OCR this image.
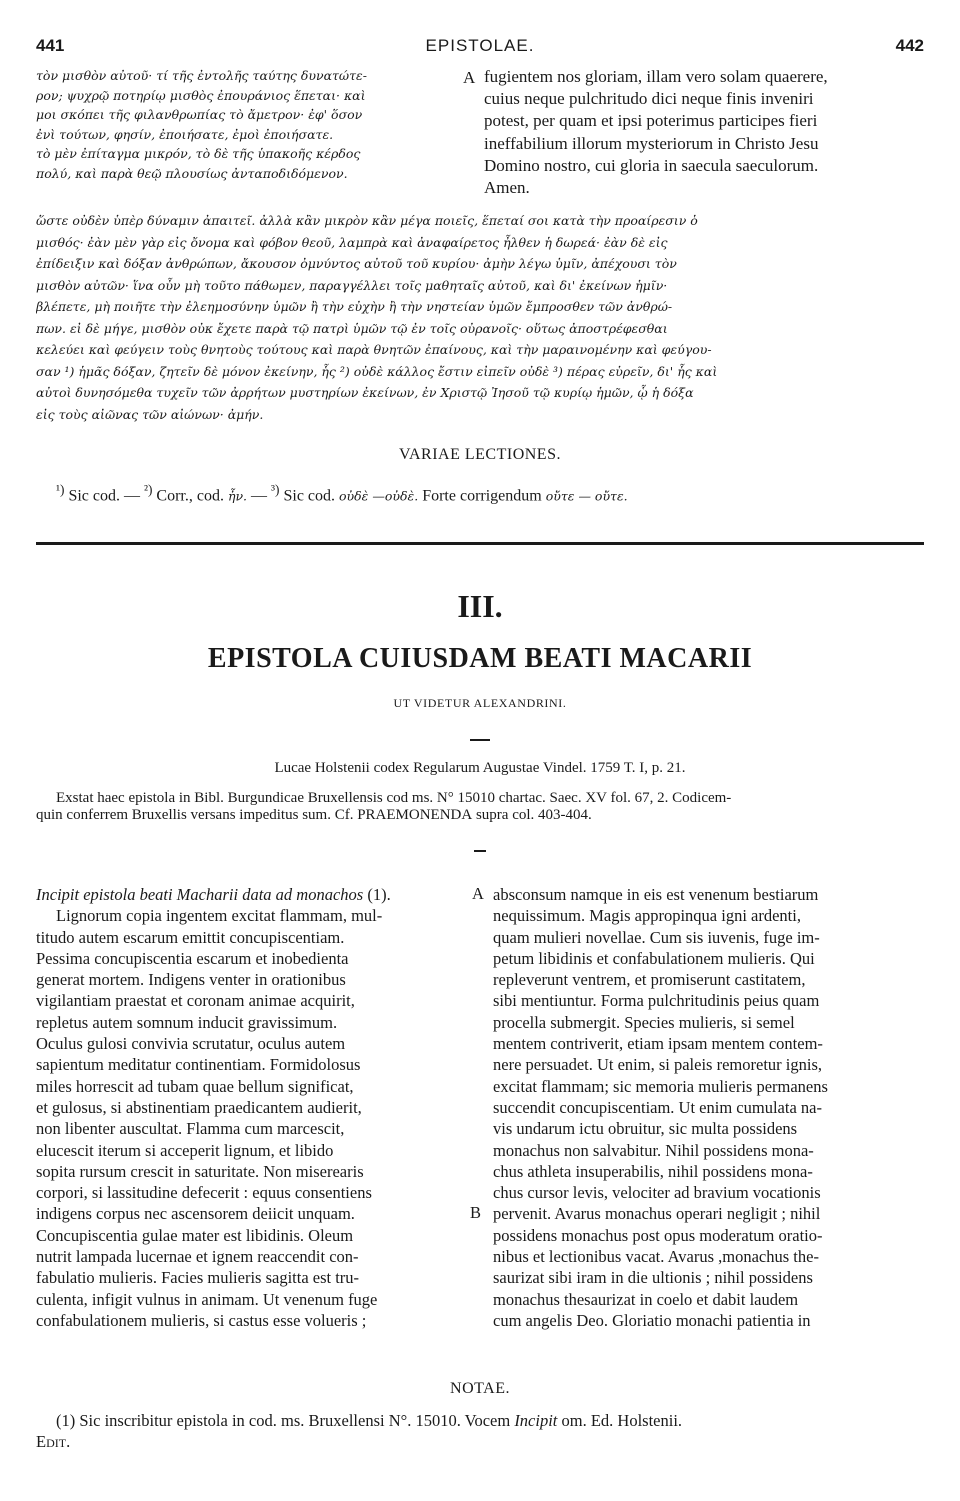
441	EPISTOLAE.	442
τὸν μισθὸν αὐτοῦ· τί τῆς ἐντολῆς ταύτης δυνατώτε-
ρον; ψυχρῷ ποτηρίῳ μισθὸς ἐπουράνιος ἕπεται· καὶ
μοι σκόπει τῆς φιλανθρωπίας τὸ ἄμετρον· ἐφ' ὅσον
ἐνὶ τούτων, φησίν, ἐποιήσατε, ἐμοὶ ἐποιήσατε.
τὸ μὲν ἐπίταγμα μικρόν, τὸ δὲ τῆς ὑπακοῆς κέρδος
πολύ, καὶ παρὰ θεῷ πλουσίως ἀνταποδιδόμενον.
A fugientem nos gloriam, illam vero solam quaerere,
cuius neque pulchritudo dici neque finis inveniri
potest, per quam et ipsi poterimus participes fieri
ineffabilium illorum mysteriorum in Christo Jesu
Domino nostro, cui gloria in saecula saeculorum.
Amen.
ὥστε οὐδὲν ὑπὲρ δύναμιν ἀπαιτεῖ. ἀλλὰ κἂν μικρὸν κἂν μέγα ποιεῖς, ἕπεταί σοι κατὰ τὴν προαίρεσιν ὁ
μισθός· ἐὰν μὲν γὰρ εἰς ὄνομα καὶ φόβον θεοῦ, λαμπρὰ καὶ ἀναφαίρετος ἦλθεν ἡ δωρεά· ἐὰν δὲ εἰς
ἐπίδειξιν καὶ δόξαν ἀνθρώπων, ἄκουσον ὀμνύντος αὐτοῦ τοῦ κυρίου· ἀμὴν λέγω ὑμῖν, ἀπέχουσι τὸν
μισθὸν αὐτῶν· ἵνα οὖν μὴ τοῦτο πάθωμεν, παραγγέλλει τοῖς μαθηταῖς αὐτοῦ, καὶ δι' ἐκείνων ἡμῖν·
βλέπετε, μὴ ποιῆτε τὴν ἐλεημοσύνην ὑμῶν ἢ τὴν εὐχὴν ἢ τὴν νηστείαν ὑμῶν ἔμπροσθεν τῶν ἀνθρώ-
πων. εἰ δὲ μήγε, μισθὸν οὐκ ἔχετε παρὰ τῷ πατρὶ ὑμῶν τῷ ἐν τοῖς οὐρανοῖς· οὕτως ἀποστρέφεσθαι
κελεύει καὶ φεύγειν τοὺς θνητοὺς τούτους καὶ παρὰ θνητῶν ἐπαίνους, καὶ τὴν μαραινομένην καὶ φεύγου-
σαν ¹) ἡμᾶς δόξαν, ζητεῖν δὲ μόνον ἐκείνην, ἧς ²) οὐδὲ κάλλος ἔστιν εἰπεῖν οὐδὲ ³) πέρας εὑρεῖν, δι' ἧς καὶ
αὐτοὶ δυνησόμεθα τυχεῖν τῶν ἀρρήτων μυστηρίων ἐκείνων, ἐν Χριστῷ Ἰησοῦ τῷ κυρίῳ ἡμῶν, ᾧ ἡ δόξα
εἰς τοὺς αἰῶνας τῶν αἰώνων· ἀμήν.
VARIAE LECTIONES.
$^{^1)}$ Sic cod. — $^{^2)}$ Corr., cod. ἦν. — $^{^3)}$ Sic cod. οὐδὲ —οὐδὲ. Forte corrigendum οὔτε — οὔτε.
III.
EPISTOLA CUIUSDAM BEATI MACARII
UT VIDETUR ALEXANDRINI.
Lucae Holstenii codex Regularum Augustae Vindel. 1759 T. I, p. 21.
Exstat haec epistola in Bibl. Burgundicae Bruxellensis cod ms. N° 15010 chartac. Saec. XV fol. 67, 2. Codicem-
quin conferrem Bruxellis versans impeditus sum. Cf. PRAEMONENDA supra col. 403-404.
A
B
Incipit epistola beati Macharii data ad monachos (1).
Lignorum copia ingentem excitat flammam, mul-
titudo autem escarum emittit concupiscentiam.
Pessima concupiscentia escarum et inobedienta
generat mortem. Indigens venter in orationibus
vigilantiam praestat et coronam animae acquirit,
repletus autem somnum inducit gravissimum.
Oculus gulosi convivia scrutatur, oculus autem
sapientum meditatur continentiam. Formidolosus
miles horrescit ad tubam quae bellum significat,
et gulosus, si abstinentiam praedicantem audierit,
non libenter auscultat. Flamma cum marcescit,
elucescit iterum si acceperit lignum, et libido
sopita rursum crescit in saturitate. Non miserearis
corpori, si lassitudine defecerit : equus consentiens
indigens corpus nec ascensorem deiicit unquam.
Concupiscentia gulae mater est libidinis. Oleum
nutrit lampada lucernae et ignem reaccendit con-
fabulatio mulieris. Facies mulieris sagitta est tru-
culenta, infigit vulnus in animam. Ut venenum fuge
confabulationem mulieris, si castus esse volueris ;
absconsum namque in eis est venenum bestiarum
nequissimum. Magis appropinqua igni ardenti,
quam mulieri novellae. Cum sis iuvenis, fuge im-
petum libidinis et confabulationem mulieris. Qui
repleverunt ventrem, et promiserunt castitatem,
sibi mentiuntur. Forma pulchritudinis peius quam
procella submergit. Species mulieris, si semel
mentem contriverit, etiam ipsam mentem contem-
nere persuadet. Ut enim, si paleis remoretur ignis,
excitat flammam; sic memoria mulieris permanens
succendit concupiscentiam. Ut enim cumulata na-
vis undarum ictu obruitur, sic multa possidens
monachus non salvabitur. Nihil possidens mona-
chus athleta insuperabilis, nihil possidens mona-
chus cursor levis, velociter ad bravium vocationis
pervenit. Avarus monachus operari negligit ; nihil
possidens monachus post opus moderatum oratio-
nibus et lectionibus vacat. Avarus ,monachus the-
saurizat sibi iram in die ultionis ; nihil possidens
monachus thesaurizat in coelo et dabit laudem
cum angelis Deo. Gloriatio monachi patientia in
NOTAE.
(1) Sic inscribitur epistola in cod. ms. Bruxellensi N°. 15010. Vocem Incipit om. Ed. Holstenii.
Edit.
